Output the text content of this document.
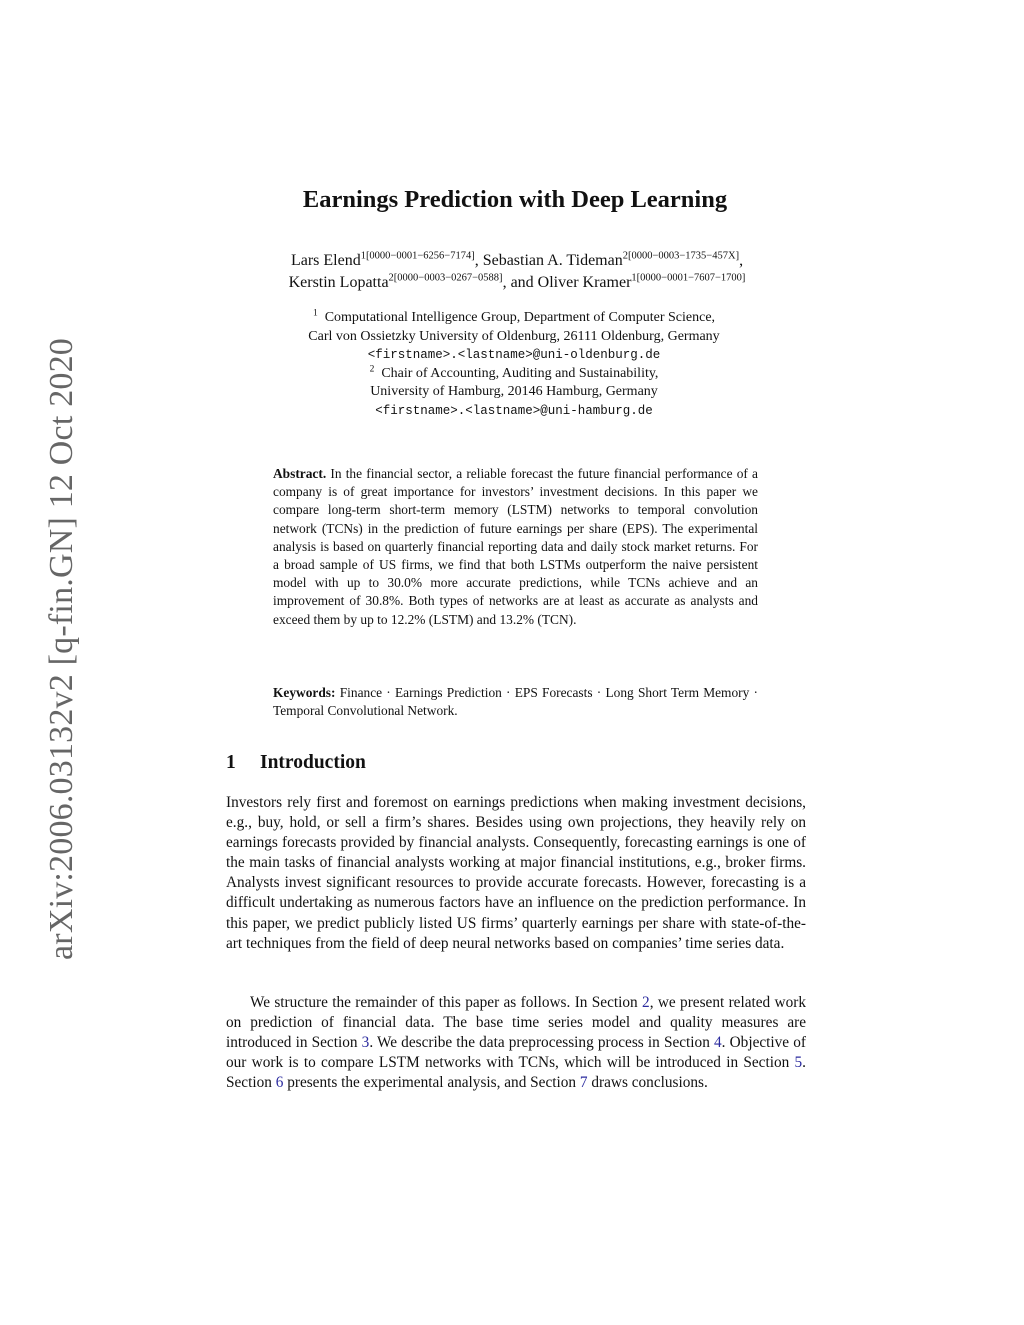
arXiv:2006.03132v2 [q-fin.GN] 12 Oct 2020
Earnings Prediction with Deep Learning
Lars Elend$^{1[0000-0001-6256-7174]}$, Sebastian A. Tideman$^{2[0000-0003-1735-457X]}$,
Kerstin Lopatta$^{2[0000-0003-0267-0588]}$, and Oliver Kramer$^{1[0000-0001-7607-1700]}$
$^1$ Computational Intelligence Group, Department of Computer Science,
Carl von Ossietzky University of Oldenburg, 26111 Oldenburg, Germany
<firstname>.<lastname>@uni-oldenburg.de
$^2$ Chair of Accounting, Auditing and Sustainability,
University of Hamburg, 20146 Hamburg, Germany
<firstname>.<lastname>@uni-hamburg.de
Abstract. In the financial sector, a reliable forecast the future financial performance of a company is of great importance for investors’ investment decisions. In this paper we compare long-term short-term memory (LSTM) networks to temporal convolution network (TCNs) in the prediction of future earnings per share (EPS). The experimental analysis is based on quarterly financial reporting data and daily stock market returns. For a broad sample of US firms, we find that both LSTMs outperform the naive persistent model with up to 30.0% more accurate predictions, while TCNs achieve and an improvement of 30.8%. Both types of networks are at least as accurate as analysts and exceed them by up to 12.2% (LSTM) and 13.2% (TCN).
Keywords: Finance · Earnings Prediction · EPS Forecasts · Long Short Term Memory · Temporal Convolutional Network.
1 Introduction

Investors rely first and foremost on earnings predictions when making investment decisions, e.g., buy, hold, or sell a firm’s shares. Besides using own projections, they heavily rely on earnings forecasts provided by financial analysts. Consequently, forecasting earnings is one of the main tasks of financial analysts working at major financial institutions, e.g., broker firms. Analysts invest significant resources to provide accurate forecasts. However, forecasting is a difficult undertaking as numerous factors have an influence on the prediction performance. In this paper, we predict publicly listed US firms’ quarterly earnings per share with state-of-the-art techniques from the field of deep neural networks based on companies’ time series data.

We structure the remainder of this paper as follows. In Section 2, we present related work on prediction of financial data. The base time series model and quality measures are introduced in Section 3. We describe the data preprocessing process in Section 4. Objective of our work is to compare LSTM networks with TCNs, which will be introduced in Section 5. Section 6 presents the experimental analysis, and Section 7 draws conclusions.
